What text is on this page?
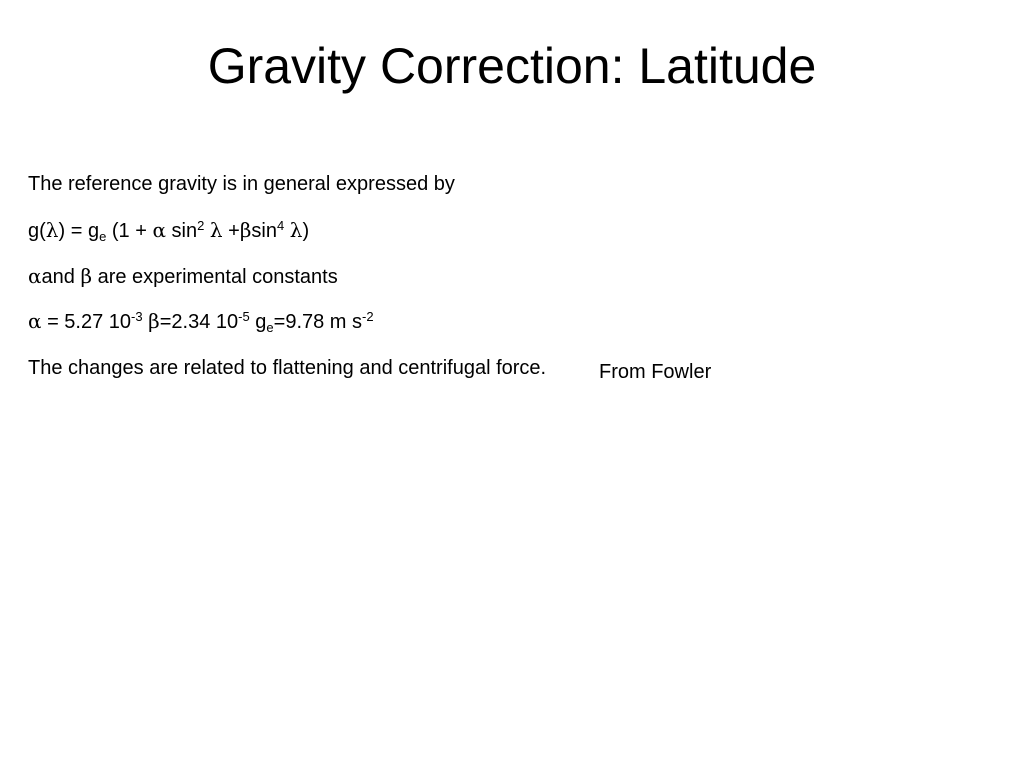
Gravity Correction: Latitude
The reference gravity is in general expressed by
$g(\lambda) = g_e$ (1 + α $\sin^2 \lambda +\beta\sin^4$ λ)
αand β are experimental constants
α = 5.27 $10^{-3}$ β=2.34 $10^{-5}$ $g_e=9.78$ m $s^{-2}$
The changes are related to flattening and centrifugal force.	From Fowler
